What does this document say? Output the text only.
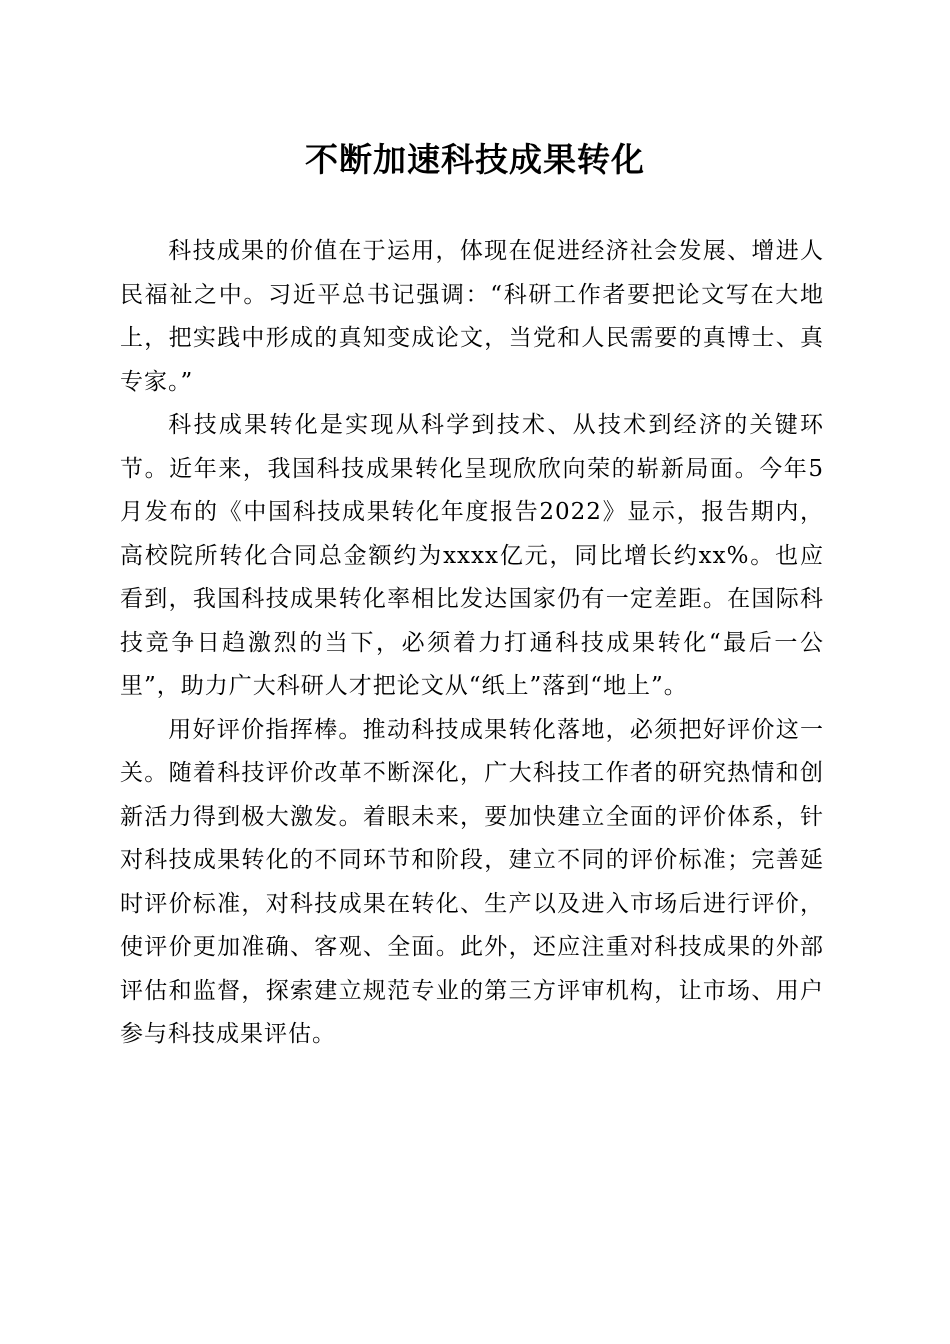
不断加速科技成果转化

科技成果的价值在于运用，体现在促进经济社会发展、增进人民福祉之中。习近平总书记强调：“科研工作者要把论文写在大地上，把实践中形成的真知变成论文，当党和人民需要的真博士、真专家。”

科技成果转化是实现从科学到技术、从技术到经济的关键环节。近年来，我国科技成果转化呈现欣欣向荣的崭新局面。今年5月发布的《中国科技成果转化年度报告2022》显示，报告期内，高校院所转化合同总金额约为xxxx亿元，同比增长约xx%。也应看到，我国科技成果转化率相比发达国家仍有一定差距。在国际科技竞争日趋激烈的当下，必须着力打通科技成果转化“最后一公里”，助力广大科研人才把论文从“纸上”落到“地上”。

用好评价指挥棒。推动科技成果转化落地，必须把好评价这一关。随着科技评价改革不断深化，广大科技工作者的研究热情和创新活力得到极大激发。着眼未来，要加快建立全面的评价体系，针对科技成果转化的不同环节和阶段，建立不同的评价标准；完善延时评价标准，对科技成果在转化、生产以及进入市场后进行评价，使评价更加准确、客观、全面。此外，还应注重对科技成果的外部评估和监督，探索建立规范专业的第三方评审机构，让市场、用户参与科技成果评估。
